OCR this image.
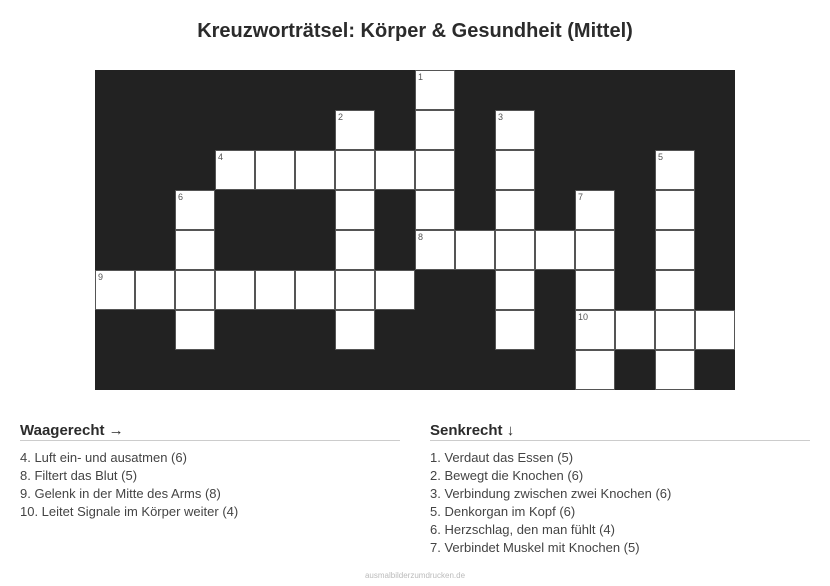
Kreuzworträtsel: Körper & Gesundheit (Mittel)
1
2	3
4	5
6	7
8
9
10
Waagerecht →

4. Luft ein- und ausatmen (6)

8. Filtert das Blut (5)

9. Gelenk in der Mitte des Arms (8)

10. Leitet Signale im Körper weiter (4)

Senkrecht ↓

1. Verdaut das Essen (5)

2. Bewegt die Knochen (6)

3. Verbindung zwischen zwei Knochen (6)

5. Denkorgan im Kopf (6)

6. Herzschlag, den man fühlt (4)

7. Verbindet Muskel mit Knochen (5)

ausmalbilderzumdrucken.de
